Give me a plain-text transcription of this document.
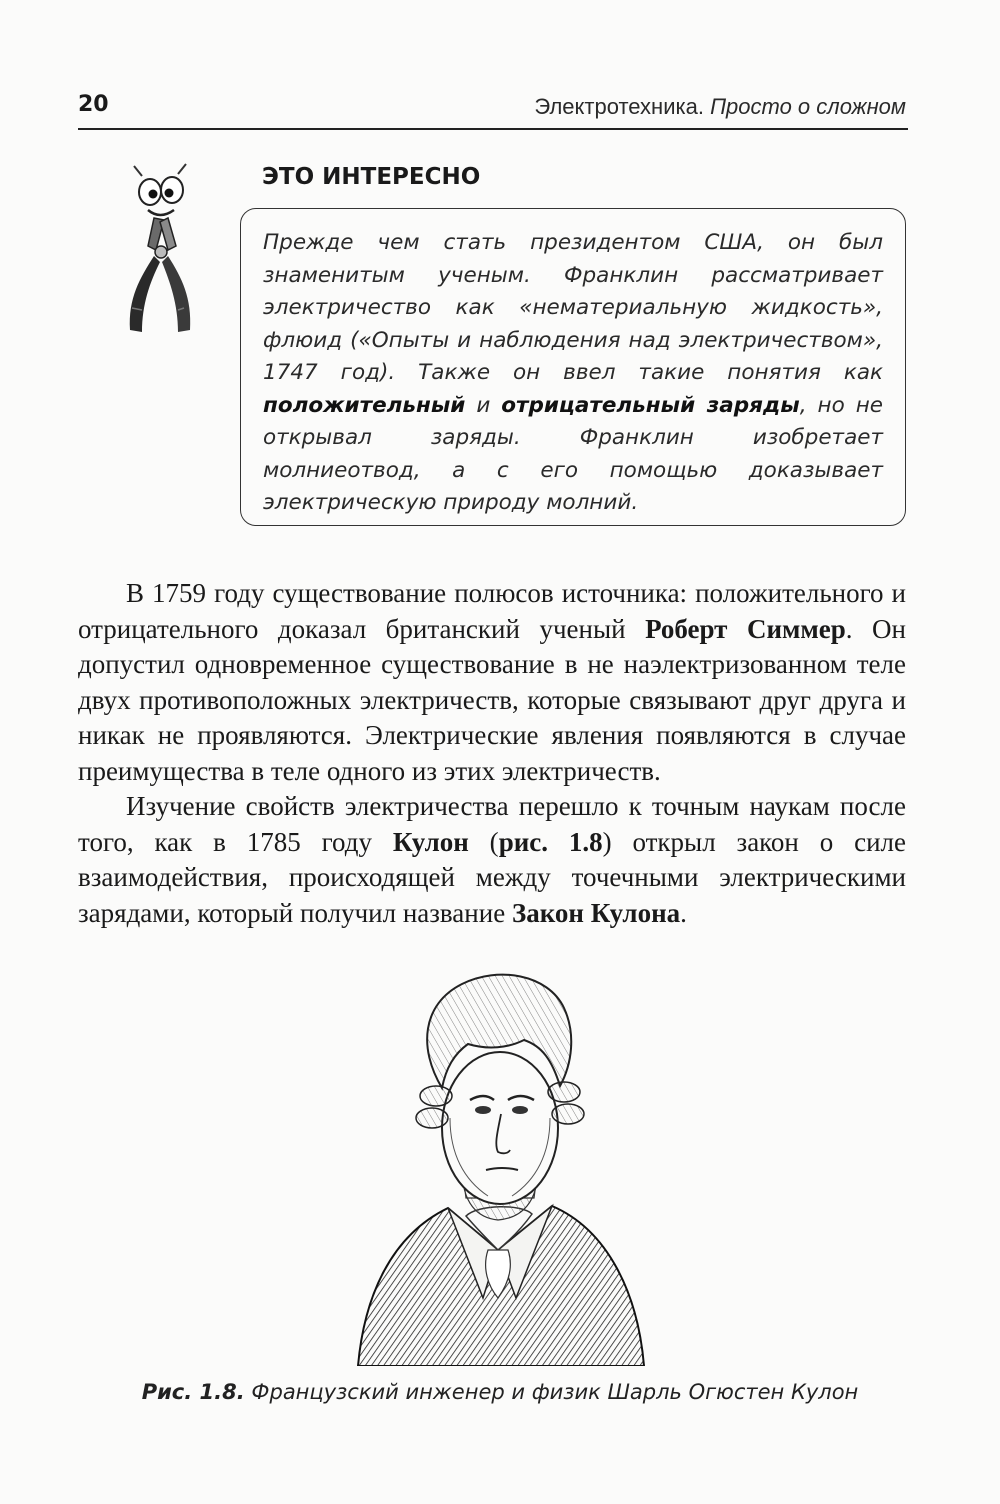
20	Электротехника. Просто о сложном
ЭТО ИНТЕРЕСНО

Прежде чем стать президентом США, он был знаменитым ученым. Франклин рассматривает электричество как «нематериальную жидкость», флюид («Опыты и наблюдения над электричеством», 1747 год). Также он ввел такие понятия как положительный и отрицательный заряды, но не открывал заряды. Франклин изобретает молниеотвод, а с его помощью доказывает электрическую природу молний.

В 1759 году существование полюсов источника: положительного и отрицательного доказал британский ученый Роберт Симмер. Он допустил одновременное существование в не наэлектризованном теле двух противоположных электричеств, которые связывают друг друга и никак не проявляются. Электрические явления появляются в случае преимущества в теле одного из этих электричеств.

Изучение свойств электричества перешло к точным наукам после того, как в 1785 году Кулон (рис. 1.8) открыл закон о силе взаимодействия, происходящей между точечными электрическими зарядами, который получил название Закон Кулона.

Рис. 1.8. Французский инженер и физик Шарль Огюстен Кулон
